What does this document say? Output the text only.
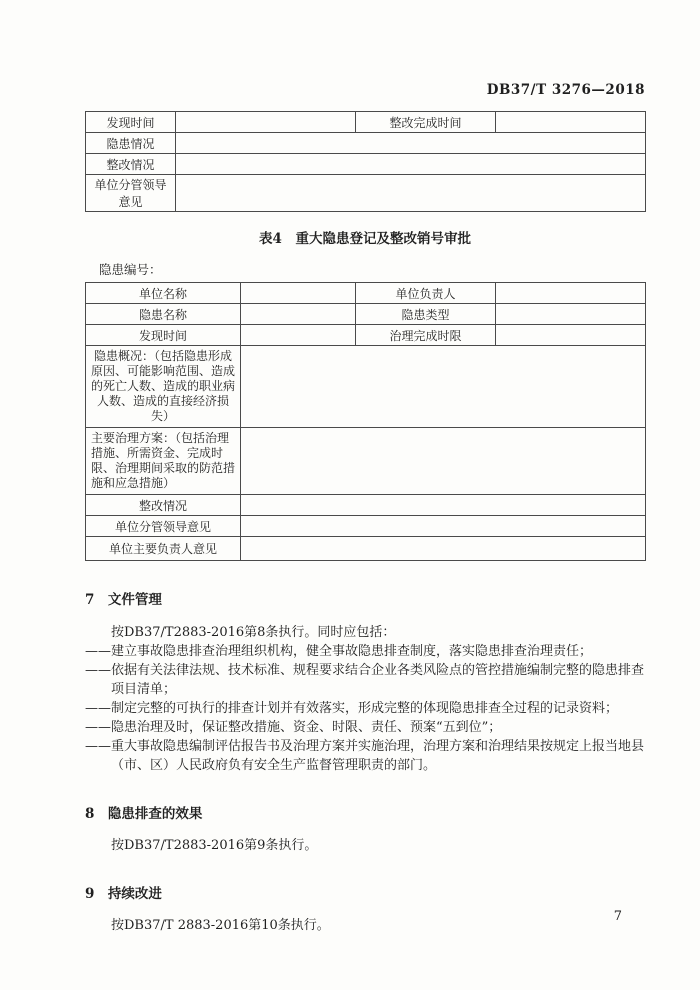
DB37/T 3276—2018
发现时间		整改完成时间	
隐患情况			
整改情况			
单位分管领导意见			
表4　重大隐患登记及整改销号审批
隐患编号：
单位名称		单位负责人	
隐患名称		隐患类型	
发现时间		治理完成时限	
隐患概况：（包括隐患形成原因、可能影响范围、造成的死亡人数、造成的职业病人数、造成的直接经济损失）			
主要治理方案：（包括治理措施、所需资金、完成时限、治理期间采取的防范措施和应急措施）			
整改情况			
单位分管领导意见			
单位主要负责人意见			
7　文件管理
按DB37/T2883-2016第8条执行。同时应包括：
——建立事故隐患排查治理组织机构，健全事故隐患排查制度，落实隐患排查治理责任；
——依据有关法律法规、技术标准、规程要求结合企业各类风险点的管控措施编制完整的隐患排查项目清单；
——制定完整的可执行的排查计划并有效落实，形成完整的体现隐患排查全过程的记录资料；
——隐患治理及时，保证整改措施、资金、时限、责任、预案“五到位”；
——重大事故隐患编制评估报告书及治理方案并实施治理，治理方案和治理结果按规定上报当地县（市、区）人民政府负有安全生产监督管理职责的部门。
8　隐患排查的效果
按DB37/T2883-2016第9条执行。
9　持续改进
按DB37/T 2883-2016第10条执行。
7
